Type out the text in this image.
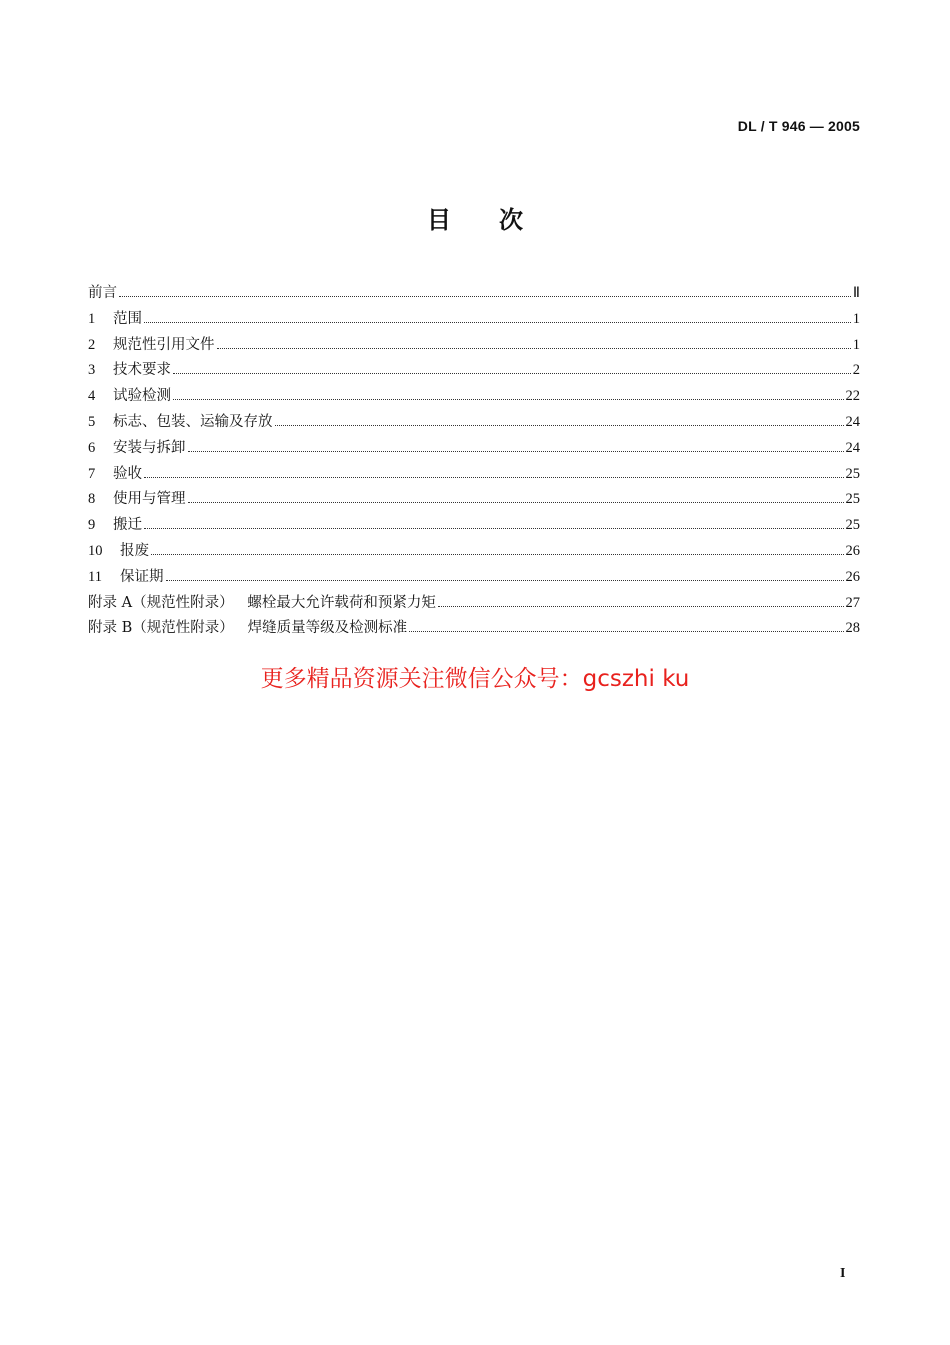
DL / T 946 — 2005
目 次
前言	Ⅱ
1	范围	1
2	规范性引用文件	1
3	技术要求	2
4	试验检测	22
5	标志、包装、运输及存放	24
6	安装与拆卸	24
7	验收	25
8	使用与管理	25
9	搬迁	25
10	报废	26
11	保证期	26
附录 A（规范性附录）   螺栓最大允许载荷和预紧力矩	27
附录 B（规范性附录）   焊缝质量等级及检测标准	28
更多精品资源关注微信公众号：gcszhi ku
I
